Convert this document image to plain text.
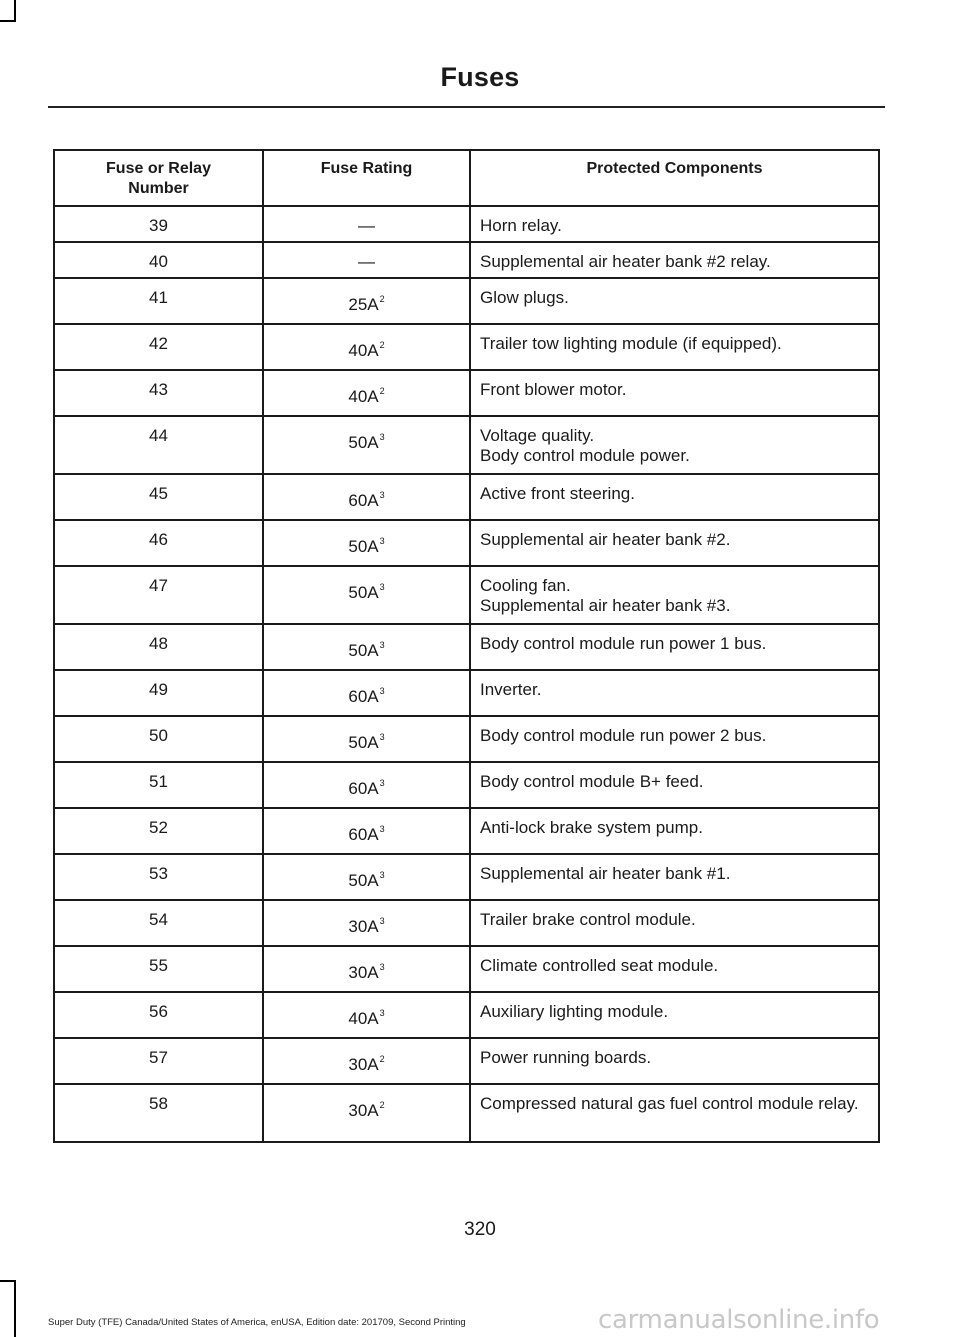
Fuses
Fuse or Relay Number	Fuse Rating	Protected Components
39	—	Horn relay.

40	—	Supplemental air heater bank #2 relay.

41	$25A^2$	Glow plugs.

42	$40A^2$	Trailer tow lighting module (if equipped).

43	$40A^2$	Front blower motor.

44	$50A^3$	Voltage quality.
Body control module power.

45	$60A^3$	Active front steering.

46	$50A^3$	Supplemental air heater bank #2.

47	$50A^3$	Cooling fan.
Supplemental air heater bank #3.

48	$50A^3$	Body control module run power 1 bus.

49	$60A^3$	Inverter.

50	$50A^3$	Body control module run power 2 bus.

51	$60A^3$	Body control module B+ feed.

52	$60A^3$	Anti-lock brake system pump.

53	$50A^3$	Supplemental air heater bank #1.

54	$30A^3$	Trailer brake control module.

55	$30A^3$	Climate controlled seat module.

56	$40A^3$	Auxiliary lighting module.

57	$30A^2$	Power running boards.

58	$30A^2$	Compressed natural gas fuel control module relay.
320
Super Duty (TFE) Canada/United States of America, enUSA, Edition date: 201709, Second Printing	carmanualsonline.info
